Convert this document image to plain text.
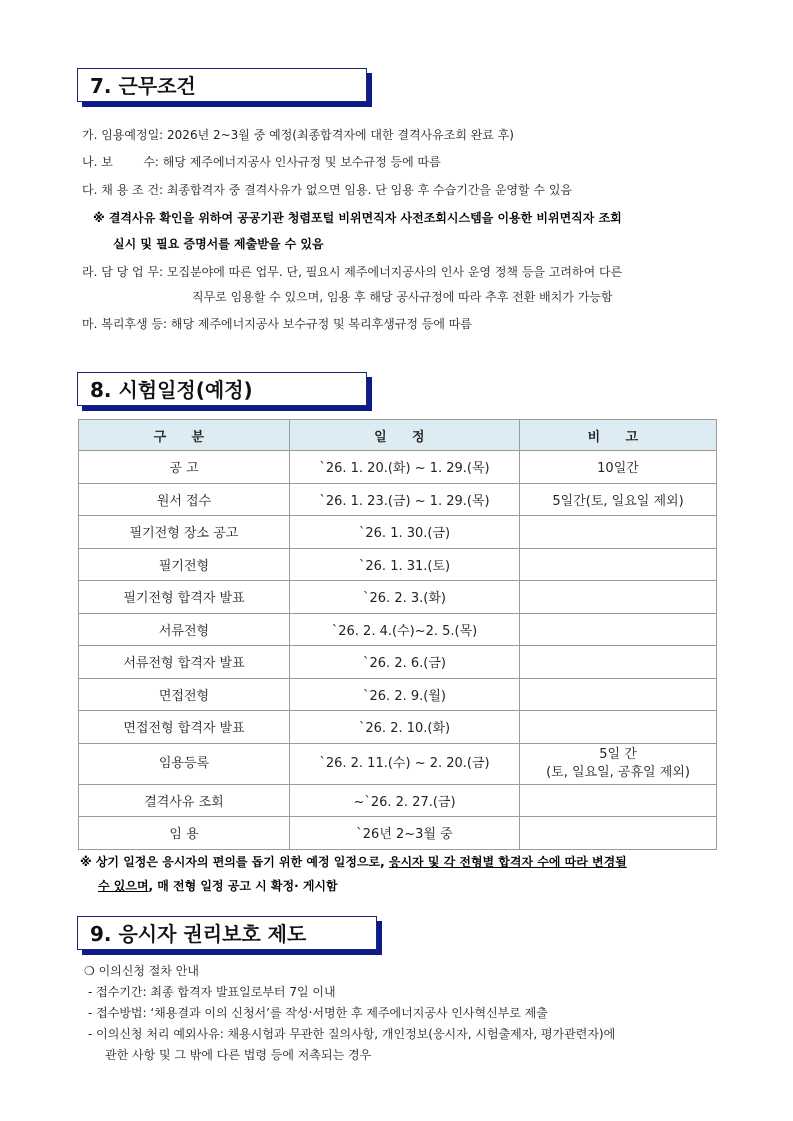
7. 근무조건
가. 임용예정일: 2026년 2~3월 중 예정(최종합격자에 대한 결격사유조회 완료 후)
나. 보        수: 해당 제주에너지공사 인사규정 및 보수규정 등에 따름
다. 채 용 조 건: 최종합격자 중 결격사유가 없으면 임용. 단 임용 후 수습기간을 운영할 수 있음
※ 결격사유 확인을 위하여 공공기관 청렴포털 비위면직자 사전조회시스템을 이용한 비위면직자 조회
실시 및 필요 증명서를 제출받을 수 있음
라. 담 당 업 무: 모집분야에 따른 업무. 단, 필요시 제주에너지공사의 인사 운영 정책 등을 고려하여 다른
직무로 임용할 수 있으며, 임용 후 해당 공사규정에 따라 추후 전환 배치가 가능함
마. 복리후생 등: 해당 제주에너지공사 보수규정 및 복리후생규정 등에 따름
8. 시험일정(예정)
구 분	일 정	비 고
공 고	`26. 1. 20.(화) ~ 1. 29.(목)	10일간
원서 접수	`26. 1. 23.(금) ~ 1. 29.(목)	5일간(토, 일요일 제외)
필기전형 장소 공고	`26. 1. 30.(금)	
필기전형	`26. 1. 31.(토)	
필기전형 합격자 발표	`26. 2. 3.(화)	
서류전형	`26. 2. 4.(수)~2. 5.(목)	
서류전형 합격자 발표	`26. 2. 6.(금)	
면접전형	`26. 2. 9.(월)	
면접전형 합격자 발표	`26. 2. 10.(화)	
임용등록	`26. 2. 11.(수) ~ 2. 20.(금)	5일 간
(토, 일요일, 공휴일 제외)

결격사유 조회	~`26. 2. 27.(금)	
임 용	`26년 2~3월 중	
※ 상기 일정은 응시자의 편의를 돕기 위한 예정 일정으로, 응시자 및 각 전형별 합격자 수에 따라 변경될
수 있으며, 매 전형 일정 공고 시 확정· 게시함
9. 응시자 권리보호 제도
❍ 이의신청 절차 안내
- 접수기간: 최종 합격자 발표일로부터 7일 이내
- 접수방법: ‘채용결과 이의 신청서’를 작성‧서명한 후 제주에너지공사 인사혁신부로 제출
- 이의신청 처리 예외사유: 채용시험과 무관한 질의사항, 개인정보(응시자, 시험출제자, 평가관련자)에
관한 사항 및 그 밖에 다른 법령 등에 저촉되는 경우
